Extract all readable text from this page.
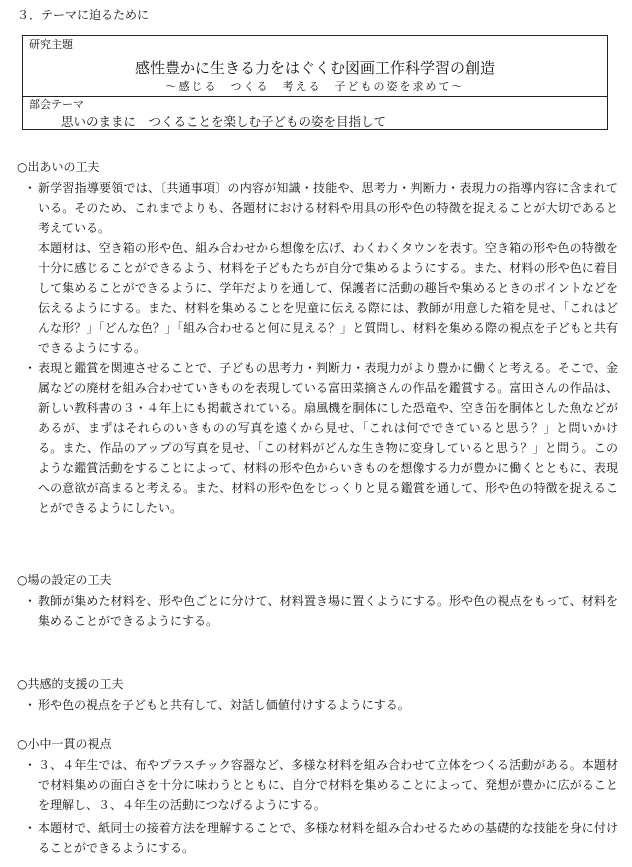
３．テーマに迫るために
研究主題
感性豊かに生きる力をはぐくむ図画工作科学習の創造
～感じる　つくる　考える　子どもの姿を求めて～
部会テーマ
思いのままに　つくることを楽しむ子どもの姿を目指して
○出あいの工夫
・ 新学習指導要領では、〔共通事項〕の内容が知識・技能や、思考力・判断力・表現力の指導内容に含まれている。そのため、これまでよりも、各題材における材料や用具の形や色の特徴を捉えることが大切であると考えている。
本題材は、空き箱の形や色、組み合わせから想像を広げ、わくわくタウンを表す。空き箱の形や色の特徴を十分に感じることができるよう、材料を子どもたちが自分で集めるようにする。また、材料の形や色に着目して集めることができるように、学年だよりを通して、保護者に活動の趣旨や集めるときのポイントなどを伝えるようにする。また、材料を集めることを児童に伝える際には、教師が用意した箱を見せ、「これはどんな形？」「どんな色？」「組み合わせると何に見える？」と質問し、材料を集める際の視点を子どもと共有できるようにする。
・ 表現と鑑賞を関連させることで、子どもの思考力・判断力・表現力がより豊かに働くと考える。そこで、金属などの廃材を組み合わせていきものを表現している富田菜摘さんの作品を鑑賞する。富田さんの作品は、新しい教科書の３・４年上にも掲載されている。扇風機を胴体にした恐竜や、空き缶を胴体とした魚などがあるが、まずはそれらのいきものの写真を遠くから見せ、「これは何でできていると思う？」と問いかける。また、作品のアップの写真を見せ、「この材料がどんな生き物に変身していると思う？」と問う。このような鑑賞活動をすることによって、材料の形や色からいきものを想像する力が豊かに働くとともに、表現への意欲が高まると考える。また、材料の形や色をじっくりと見る鑑賞を通して、形や色の特徴を捉えることができるようにしたい。
○場の設定の工夫
・ 教師が集めた材料を、形や色ごとに分けて、材料置き場に置くようにする。形や色の視点をもって、材料を集めることができるようにする。
○共感的支援の工夫
・ 形や色の視点を子どもと共有して、対話し価値付けするようにする。
○小中一貫の視点
・ ３、４年生では、布やプラスチック容器など、多様な材料を組み合わせて立体をつくる活動がある。本題材で材料集めの面白さを十分に味わうとともに、自分で材料を集めることによって、発想が豊かに広がることを理解し、３、４年生の活動につなげるようにする。
・ 本題材で、紙同士の接着方法を理解することで、多様な材料を組み合わせるための基礎的な技能を身に付けることができるようにする。
